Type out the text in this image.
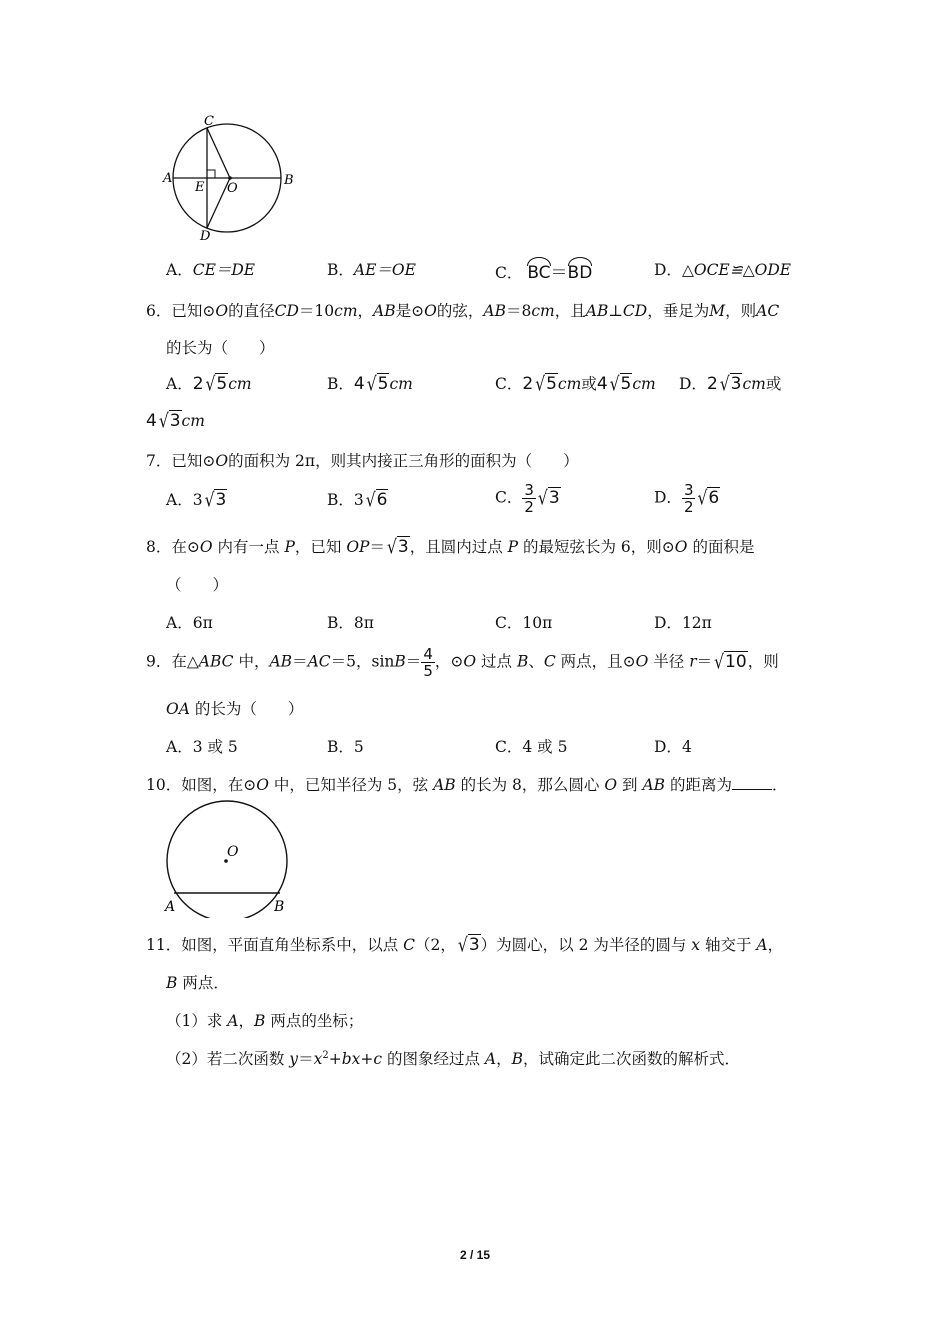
C
A
E O
B
D
A．CE＝DE	B．AE＝OE	C． BC＝BD	D．△OCE≌△ODE
6．已知⊙O的直径CD＝10cm，AB是⊙O的弦，AB＝8cm，且AB⊥CD，垂足为M，则AC
的长为（　　）
A．2 √5cm	B．4 √5cm	C．2 √5cm或4 √5cm D．2 √3cm或
4 √3cm
7．已知⊙O的面积为 2π，则其内接正三角形的面积为（　　）
A．3 √3	B．3 √6	C． $\frac{3}{2} √3$	D． $\frac{3}{2} √6$
8．在⊙O 内有一点 P，已知 OP＝ √3，且圆内过点 P 的最短弦长为 6，则⊙O 的面积是
（　　）
A．6π	B．8π	C．10π	D．12π
9．在△ABC 中，AB＝AC＝5，$\sin B= \frac{4}{5}$ ，⊙O 过点 B、C 两点，且⊙O 半径 r＝ √10，则
OA 的长为（　　）
A．3 或 5	B．5	C．4 或 5	D．4
10．如图，在⊙O 中，已知半径为 5，弦 AB 的长为 8，那么圆心 O 到 AB 的距离为	．
O
A	B
11．如图，平面直角坐标系中，以点 C（2， √3）为圆心，以 2 为半径的圆与 x 轴交于 A，
B 两点．
（1）求 A，B 两点的坐标；
（2）若二次函数 $y=x^2+bx+c$ 的图象经过点 A，B，试确定此二次函数的解析式．
2 / 15
